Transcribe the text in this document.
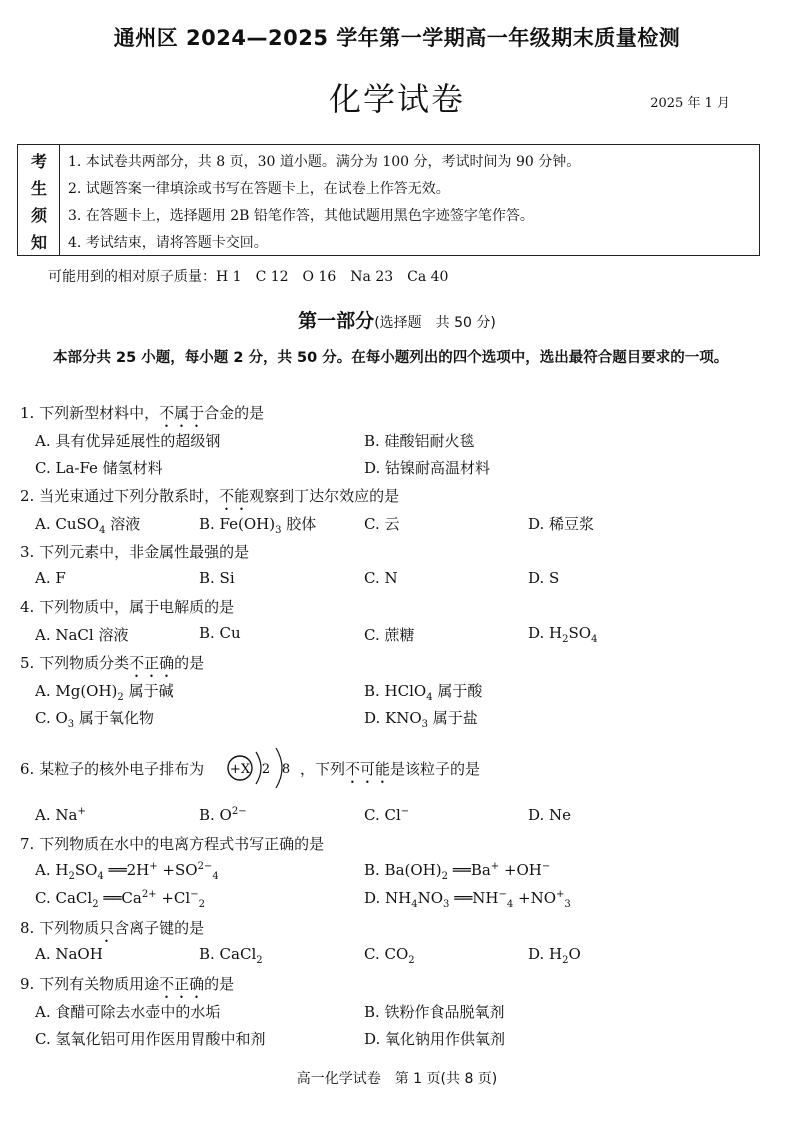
通州区 2024—2025 学年第一学期高一年级期末质量检测
化学试卷	2025 年 1 月
考
生
须
知
1. 本试卷共两部分，共 8 页，30 道小题。满分为 100 分，考试时间为 90 分钟。
2. 试题答案一律填涂或书写在答题卡上，在试卷上作答无效。
3. 在答题卡上，选择题用 2B 铅笔作答，其他试题用黑色字迹签字笔作答。
4. 考试结束，请将答题卡交回。
可能用到的相对原子质量：H 1　C 12　O 16　Na 23　Ca 40
第一部分(选择题　共 50 分)
本部分共 25 小题，每小题 2 分，共 50 分。在每小题列出的四个选项中，选出最符合题目要求的一项。
1. 下列新型材料中，不属于合金的是
A. 具有优异延展性的超级钢	B. 硅酸铝耐火毯
C. La-Fe 储氢材料	D. 钴镍耐高温材料
2. 当光束通过下列分散系时，不能观察到丁达尔效应的是
A. CuSO$_4$ 溶液	B. $Fe(OH)_3$ 胶体	C. 云	D. 稀豆浆
3. 下列元素中，非金属性最强的是
A. F	B. Si	C. N	D. S
4. 下列物质中，属于电解质的是
A. NaCl 溶液	B. Cu	C. 蔗糖	D. $H_2SO_4$
5. 下列物质分类不正确的是
A. $Mg(OH)_2$ 属于碱	B. HClO$_4$ 属于酸
C. $O_3$ 属于氧化物	D. $KNO_3$ 属于盐
6. 某粒子的核外电子排布为 +X 2 8 ，下列不可能是该粒子的是
A. Na+	B. $O^{2-}$	C. Cl−	D. Ne
7. 下列物质在水中的电离方程式书写正确的是
A. $H_2SO_4$ ══2H+ $+SO^{2-}_4$	B. $Ba(OH)_2$ ══Ba+ +OH−
C. CaCl$_2$ $══Ca^{2+} +Cl^-_2$	D. $NH_4NO_3$ $══NH^-_4 +NO^+_3$
8. 下列物质只含离子键的是
A. NaOH	B. CaCl$_2$	C. $CO_2$	D. $H_2O$
9. 下列有关物质用途不正确的是
A. 食醋可除去水壶中的水垢	B. 铁粉作食品脱氧剂
C. 氢氧化铝可用作医用胃酸中和剂	D. 氧化钠用作供氧剂
高一化学试卷　第 1 页(共 8 页)
